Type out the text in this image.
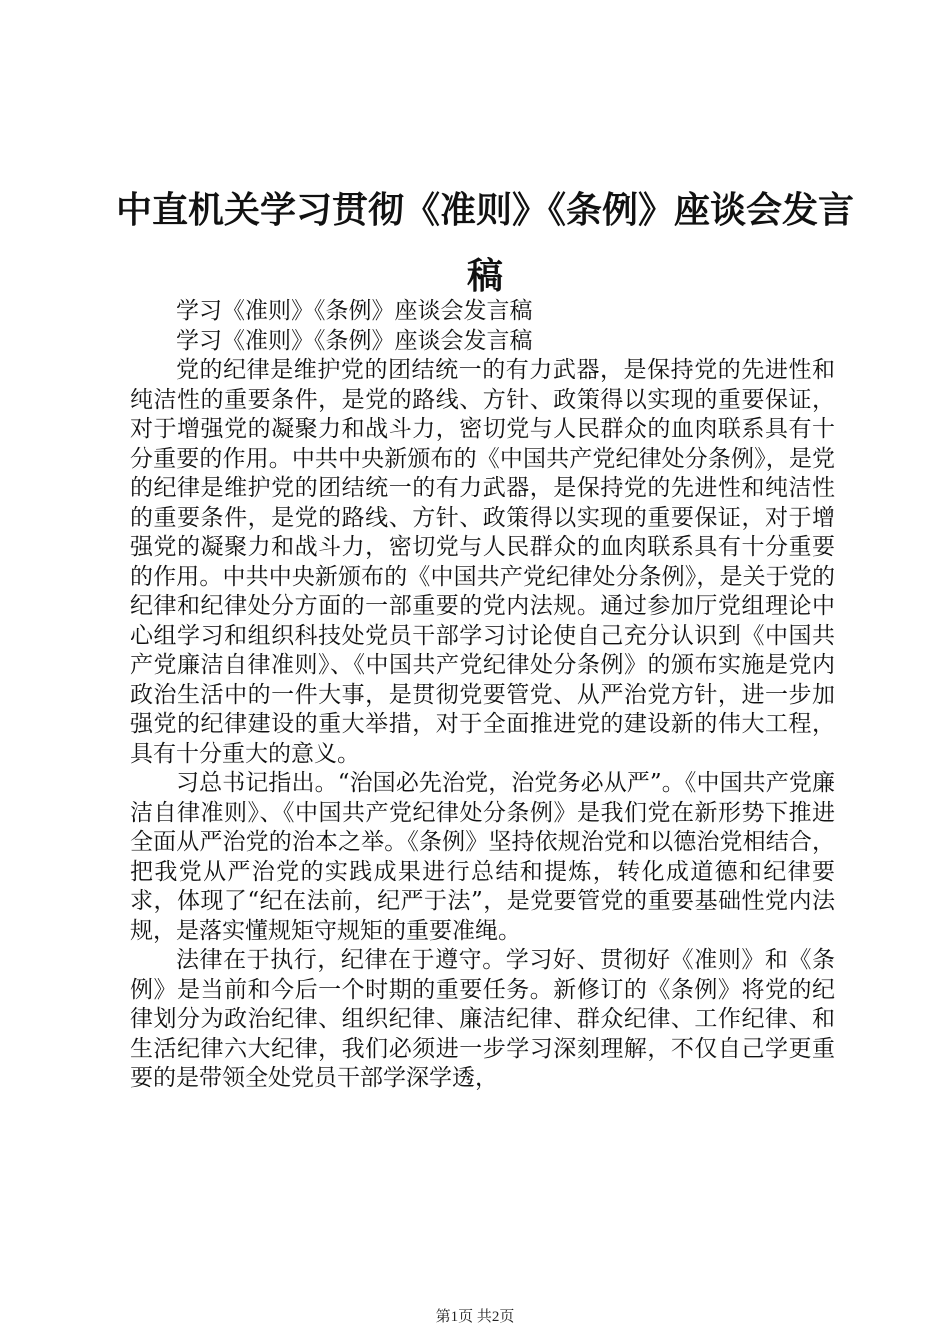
中直机关学习贯彻《准则》《条例》座谈会发言稿
学习《准则》《条例》座谈会发言稿
学习《准则》《条例》座谈会发言稿

党的纪律是维护党的团结统一的有力武器，是保持党的先进性和纯洁性的重要条件，是党的路线、方针、政策得以实现的重要保证，对于增强党的凝聚力和战斗力，密切党与人民群众的血肉联系具有十分重要的作用。中共中央新颁布的《中国共产党纪律处分条例》，是党的纪律是维护党的团结统一的有力武器，是保持党的先进性和纯洁性的重要条件，是党的路线、方针、政策得以实现的重要保证，对于增强党的凝聚力和战斗力，密切党与人民群众的血肉联系具有十分重要的作用。中共中央新颁布的《中国共产党纪律处分条例》，是关于党的纪律和纪律处分方面的一部重要的党内法规。通过参加厅党组理论中心组学习和组织科技处党员干部学习讨论使自己充分认识到《中国共产党廉洁自律准则》、《中国共产党纪律处分条例》的颁布实施是党内政治生活中的一件大事，是贯彻党要管党、从严治党方针，进一步加强党的纪律建设的重大举措，对于全面推进党的建设新的伟大工程，具有十分重大的意义。

习总书记指出。“治国必先治党，治党务必从严”。《中国共产党廉洁自律准则》、《中国共产党纪律处分条例》是我们党在新形势下推进全面从严治党的治本之举。《条例》坚持依规治党和以德治党相结合，把我党从严治党的实践成果进行总结和提炼，转化成道德和纪律要求，体现了“纪在法前，纪严于法”，是党要管党的重要基础性党内法规，是落实懂规矩守规矩的重要准绳。

法律在于执行，纪律在于遵守。学习好、贯彻好《准则》和《条例》是当前和今后一个时期的重要任务。新修订的《条例》将党的纪律划分为政治纪律、组织纪律、廉洁纪律、群众纪律、工作纪律、和生活纪律六大纪律，我们必须进一步学习深刻理解，不仅自己学更重要的是带领全处党员干部学深学透，

第1页 共2页
